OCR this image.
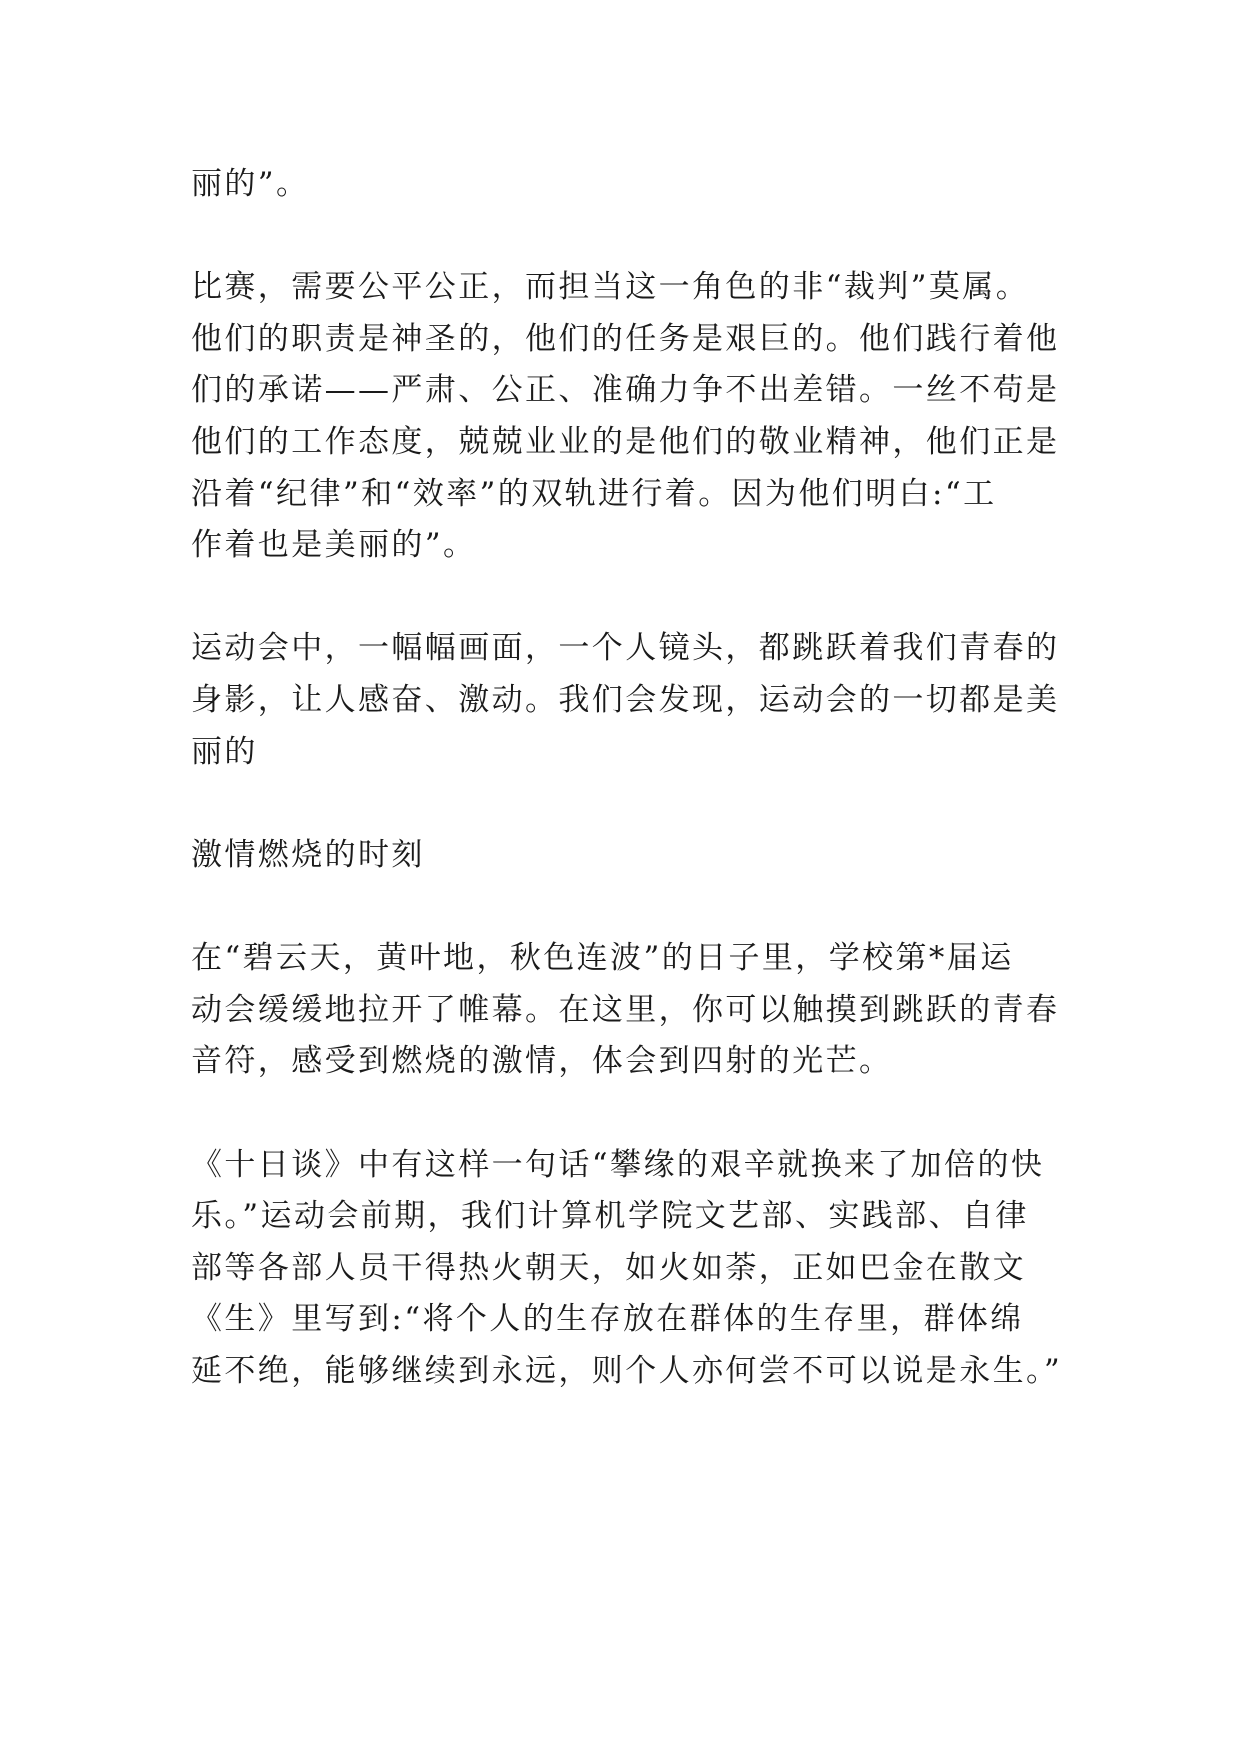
丽的”。
比赛，需要公平公正，而担当这一角色的非“裁判”莫属。
他们的职责是神圣的，他们的任务是艰巨的。他们践行着他
们的承诺——严肃、公正、准确力争不出差错。一丝不苟是
他们的工作态度，兢兢业业的是他们的敬业精神，他们正是
沿着“纪律”和“效率”的双轨进行着。因为他们明白:“工
作着也是美丽的”。
运动会中，一幅幅画面，一个人镜头，都跳跃着我们青春的
身影，让人感奋、激动。我们会发现，运动会的一切都是美
丽的
激情燃烧的时刻
在“碧云天，黄叶地，秋色连波”的日子里，学校第*届运
动会缓缓地拉开了帷幕。在这里，你可以触摸到跳跃的青春
音符，感受到燃烧的激情，体会到四射的光芒。
《十日谈》中有这样一句话“攀缘的艰辛就换来了加倍的快
乐。”运动会前期，我们计算机学院文艺部、实践部、自律
部等各部人员干得热火朝天，如火如荼，正如巴金在散文
《生》里写到:“将个人的生存放在群体的生存里，群体绵
延不绝，能够继续到永远，则个人亦何尝不可以说是永生。”
